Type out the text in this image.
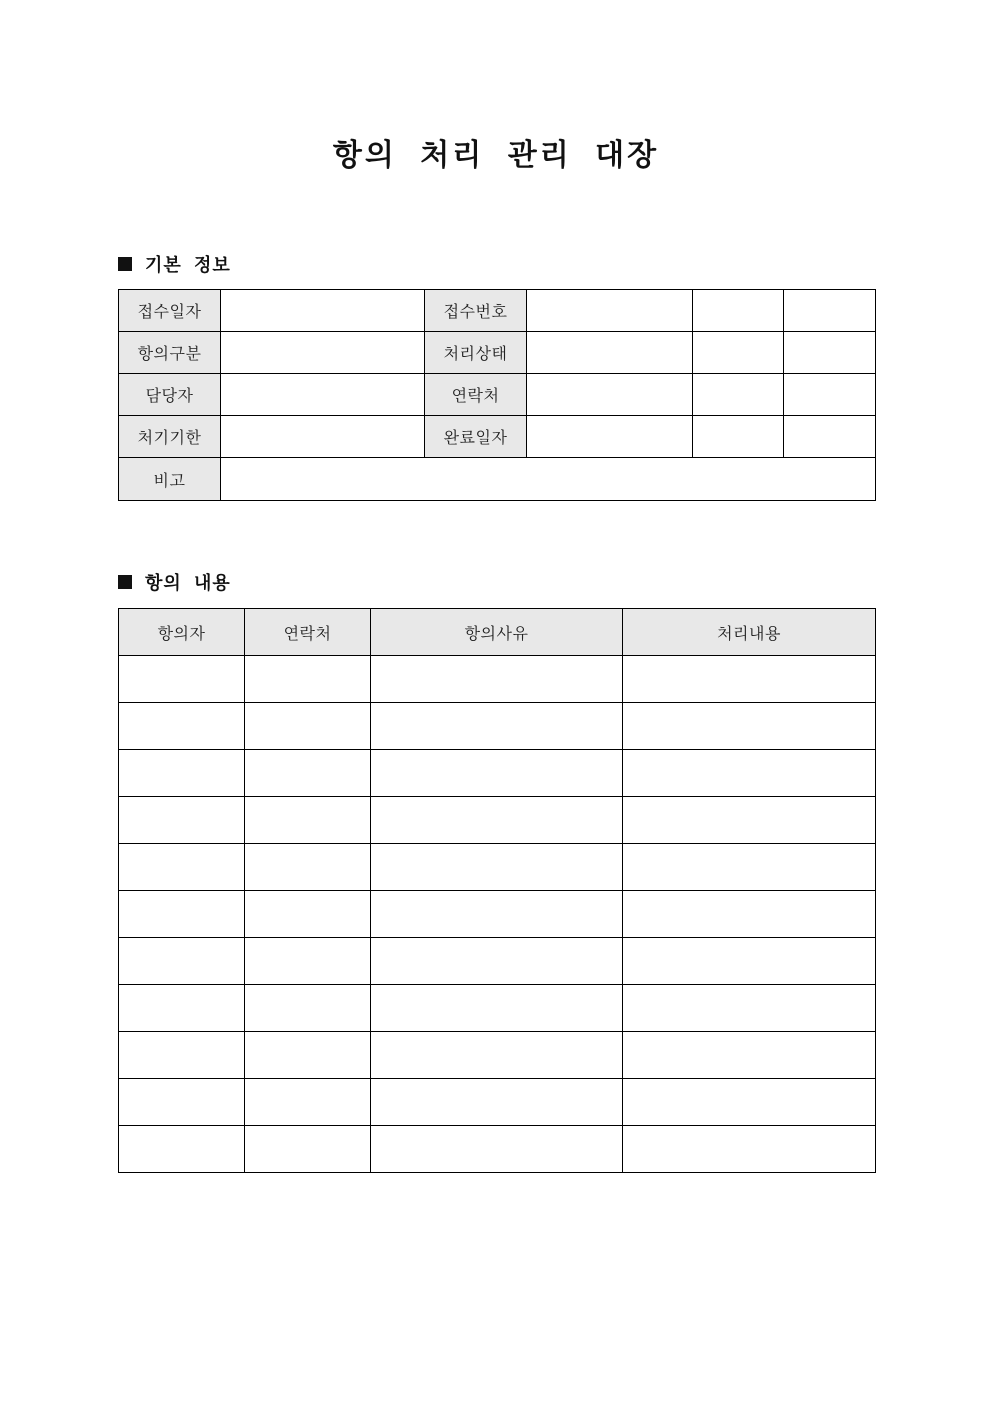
항의 처리 관리 대장
기본 정보
접수일자		접수번호			
항의구분		처리상태			
담당자		연락처			
처기기한		완료일자			
비고					
항의 내용
항의자	연락처	항의사유	처리내용
